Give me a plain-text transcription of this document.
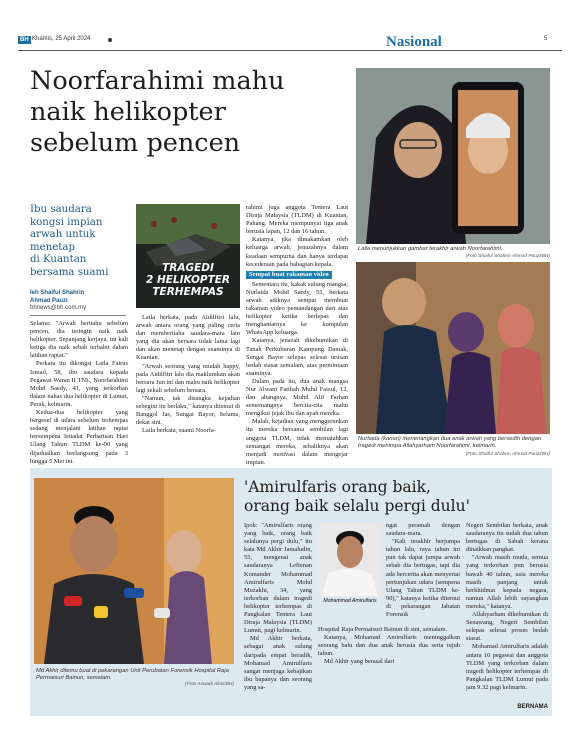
BH Khamis, 25 April 2024	Nasional	5
Noorfarahimi mahu
naik helikopter
sebelum pencen
Ibu saudara
kongsi impian
arwah untuk
menetap
di Kuantan
bersama suami
Ieh Shaiful Shahrin
Ahmad Pauzi
bhnews@bh.com.my

Selama: "Arwah beritahu sebelum pencen, dia teringin naik naik helikopter. Sepanjang kerjaya, ini kali ketiga dia naik sebab terbabit dalam latihan raptai."

Perkara itu dikongsi Laila Fairus Ismail, 58, ibu saudara kepada Pegawai Waran II TNL, Noorfarahimi Mohd Saedy, 41, yang terkorban dalam nahas dua helikopter di Lumut, Perak, kelmarin.

Kedua-dua helikopter yang bergesel di udara sebelum terhempas sedang menjalani latihan raptai bersempena Istiadat Perbarisan Hari Ulang Tahun TLDM ke-90 yang dijadualkan berlangsung pada 3 hingga 5 Mei ini.

TRAGEDI
2 HELIKOPTER
TERHEMPAS

Laila berkata, pada Aidilfitri lalu, arwah antara orang yang paling ceria dan memberitahu saudara-mara lain yang dia akan bersara tidak lama lagi dan akan menetap dengan suaminya di Kuantan.

"Arwah seorang yang mudah happy, pada Aidilfitri lalu dia maklumkan akan bersara Jun ini dan mahu naik helikopter lagi sekali sebelum bersara.

"Namun, tak disangka kejadian sebegini itu berlaku," katanya ditemui di Banggol Jas, Sungai Bayor, Selama, dekat sini.

Laila berkata, suami Noorfa-

rahimi juga anggota Tentera Laut Diraja Malaysia (TLDM) di Kuantan, Pahang. Mereka mempunyai tiga anak berusia lapan, 12 dan 16 tahun.

Katanya, jika dimakamkan oleh keluarga arwah, jenazahnya dalam keadaan sempurna dan hanya terdapat kecederaan pada bahagian kepala.

Sempat buat rakaman video

Sementara itu, kakak sulung mangsa, Nurlaida Mohd Saedy, 55, berkata arwah adiknya sempat membuat rakaman video pemandangan dari atas helikopter ketika berlepas dan menghantarnya ke kumpulan WhatsApp keluarga.

Katanya, jenazah dikebumikan di Tanah Perkuburan Kampung Damak, Sungai Bayor selepas selesai urusan bedah siasat semalam, atas permintaan suaminya.

Dalam pada itu, dua anak mangsa Nur Alwani Fatihah Muhd Faizul, 12, dan abangnya, Muhd Alif Farhan sememangnya bercita-cita mahu mengikut jejak ibu dan ayah mereka.

Malah, kejadian yang menggerunkan itu mereka bersama sembilan lagi anggota TLDM, tidak mematahkan semangat mereka, sebaliknya akan menjadi motivasi dalam mengejar impian.

Laila menunjukkan gambar terakhir arwah Noorfarahimi.
(Foto Shaiful Shahrin Ahmad Pauzi/BH)
Nurlaida (kanan) menenangkan dua anak arwah yang bersedih dengan tragedi menimpa Allahyarham Noorfarahimi, kelmarin.
(Foto Shaiful Shahrin Ahmad Pauzi/BH)
Md Akhir ditemu bual di pekarangan Unit Perubatan Forensik Hospital Raja Permaisuri Bainun, semalam.
(Foto Aswadi Alias/BH)
'Amirulfaris orang baik,
orang baik selalu pergi dulu'

Ipoh: "Amirulfaris orang yang baik, orang baik selalunya pergi dulu," itu kata Md Akhir Jamaludin, 55, mengenai anak saudaranya Leftenan Komander Mohammad Amirulfaris Mohd Muzakhi, 34, yang terkorban dalam tragedi helikopter terhempas di Pangkalan Tentera Laut Diraja Malaysia (TLDM) Lumut, pagi kelmarin.

Md Akhir berkata, sebagai anak sulung daripada empat beradik, Mohamad Amirulfaris sangat menjaga kebajikan ibu bapanya dan seorang yang sa-

Mohammad Amirulfaris

ngat peramah dengan saudara-mara.

"Kali terakhir berjumpa tahun lalu, raya tahun ini pun tak dapat jumpa arwah sebab dia bertugas, tapi dia ada bercerita akan menyertai pertunjukan udara (sempena Ulang Tahun TLDM ke-90)," katanya ketika ditemui di pekarangan Jabatan Forensik

Hospital Raja Permaisuri Bainun di sini, semalam.

Katanya, Mohamad Amirulfaris meninggalkan seorang balu dan dua anak berusia dua serta tujuh tahun.

Md Akhir yang berasal dari

Negeri Sembilan berkata, anak saudaranya itu sudah dua tahun bertugas di Sabah kerana dinaikkan pangkat.

"Arwah masih muda, semua yang terkorban pun berusia bawah 40 tahun, usia mereka masih panjang untuk berkhidmat kepada negara, namun Allah lebih sayangkan mereka," katanya.

Allahyarham dikebumikan di Senawang, Negeri Sembilan selepas selesai proses bedah siasat.

Mohamad Amirulfaris adalah antara 10 pegawai dan anggota TLDM yang terkorban dalam tragedi helikopter terhempas di Pangkalan TLDM Lumut pada jam 9.32 pagi kelmarin.

BERNAMA
